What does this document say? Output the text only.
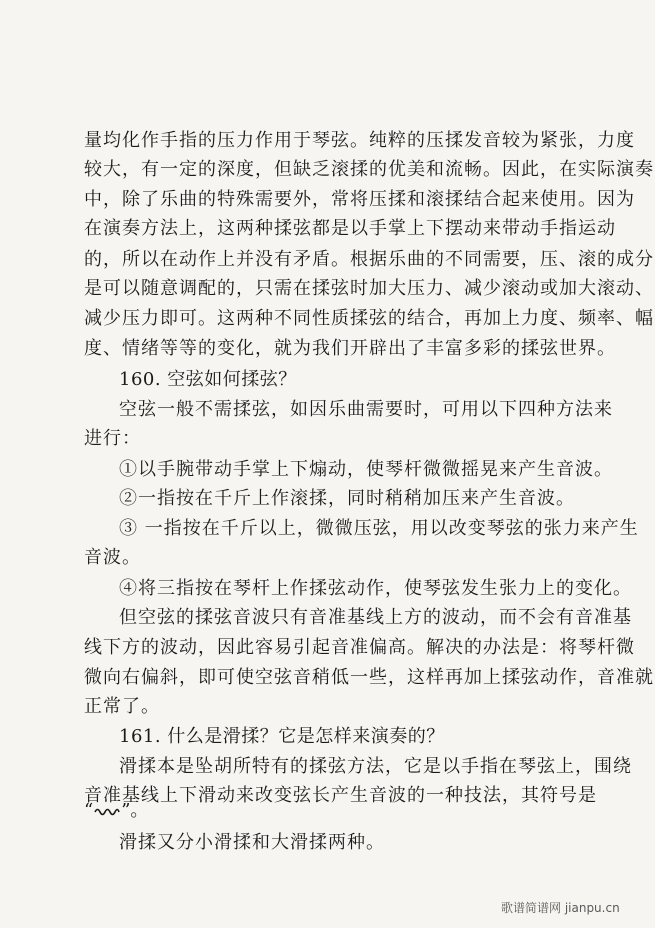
量均化作手指的压力作用于琴弦。纯粹的压揉发音较为紧张，力度
较大，有一定的深度，但缺乏滚揉的优美和流畅。因此，在实际演奏
中，除了乐曲的特殊需要外，常将压揉和滚揉结合起来使用。因为
在演奏方法上，这两种揉弦都是以手掌上下摆动来带动手指运动
的，所以在动作上并没有矛盾。根据乐曲的不同需要，压、滚的成分
是可以随意调配的，只需在揉弦时加大压力、减少滚动或加大滚动、
减少压力即可。这两种不同性质揉弦的结合，再加上力度、频率、幅
度、情绪等等的变化，就为我们开辟出了丰富多彩的揉弦世界。
160. 空弦如何揉弦？
空弦一般不需揉弦，如因乐曲需要时，可用以下四种方法来
进行：
①以手腕带动手掌上下煽动，使琴杆微微摇晃来产生音波。
②一指按在千斤上作滚揉，同时稍稍加压来产生音波。
③ 一指按在千斤以上，微微压弦，用以改变琴弦的张力来产生
音波。
④将三指按在琴杆上作揉弦动作，使琴弦发生张力上的变化。
但空弦的揉弦音波只有音准基线上方的波动，而不会有音准基
线下方的波动，因此容易引起音准偏高。解决的办法是：将琴杆微
微向右偏斜，即可使空弦音稍低一些，这样再加上揉弦动作，音准就
正常了。
161. 什么是滑揉？它是怎样来演奏的？
滑揉本是坠胡所特有的揉弦方法，它是以手指在琴弦上，围绕
音准基线上下滑动来改变弦长产生音波的一种技法，其符号是
“ ”。
滑揉又分小滑揉和大滑揉两种。
歌谱简谱网 jianpu.cn
